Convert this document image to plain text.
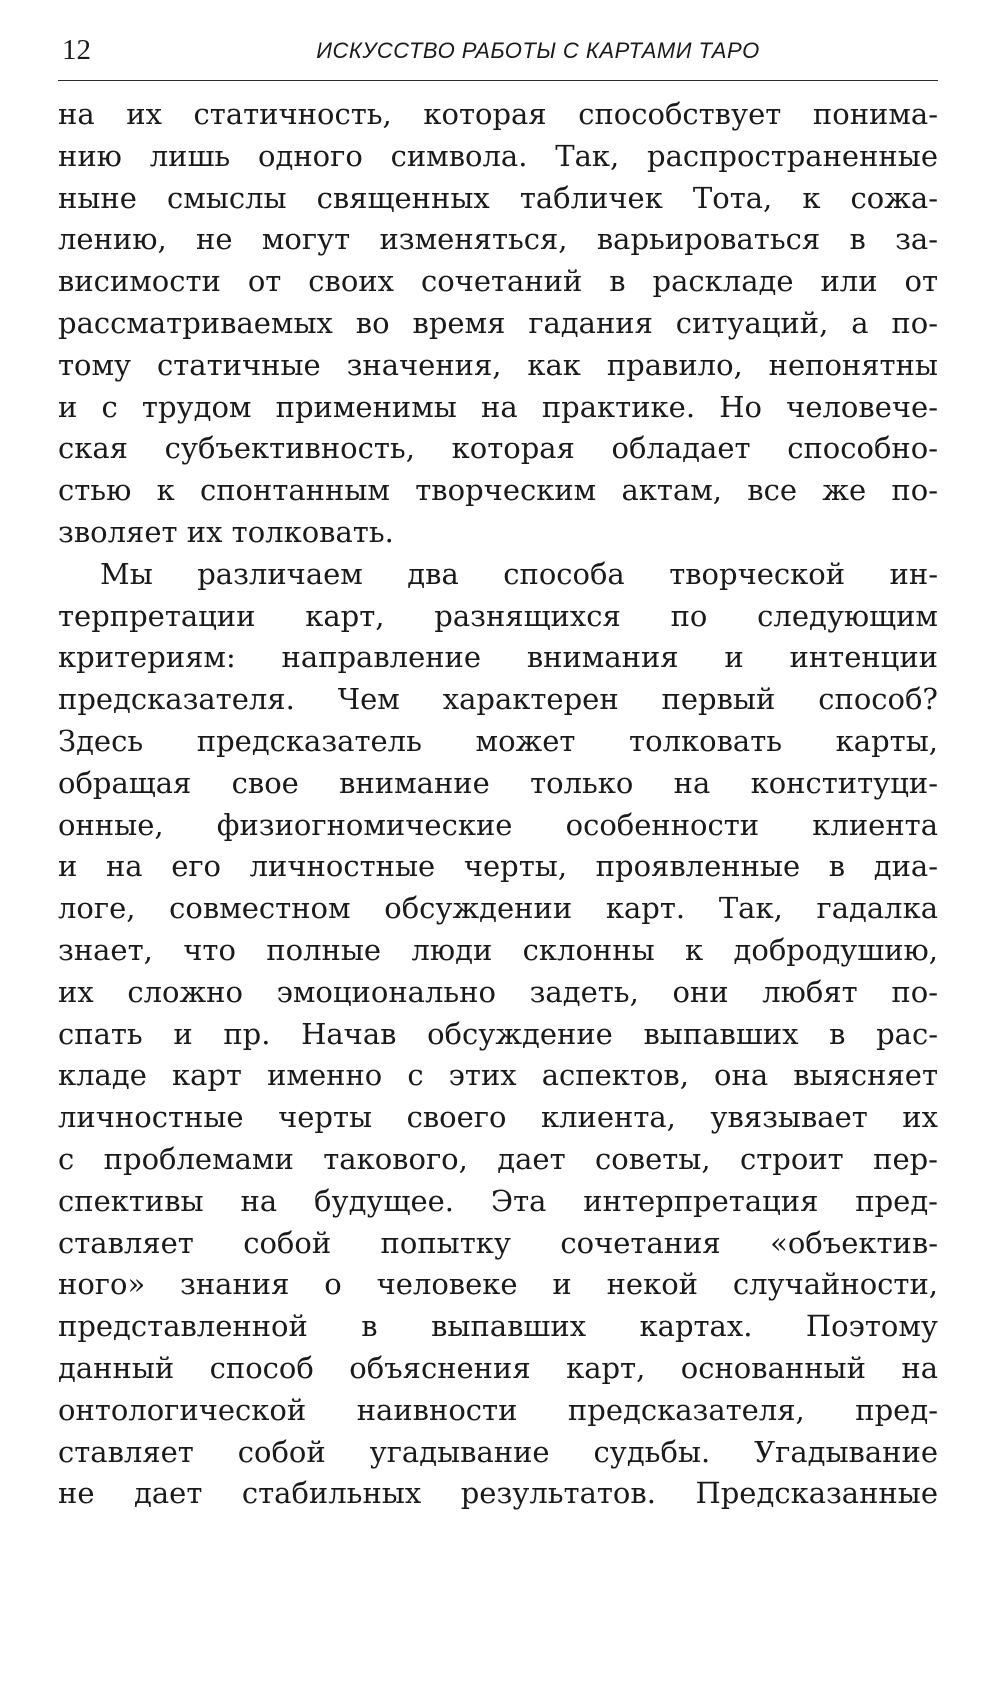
12	ИСКУССТВО РАБОТЫ С КАРТАМИ ТАРО
на их статичность, которая способствует понима-
нию лишь одного символа. Так, распространенные
ныне смыслы священных табличек Тота, к сожа-
лению, не могут изменяться, варьироваться в за-
висимости от своих сочетаний в раскладе или от
рассматриваемых во время гадания ситуаций, а по-
тому статичные значения, как правило, непонятны
и с трудом применимы на практике. Но человече-
ская субъективность, которая обладает способно-
стью к спонтанным творческим актам, все же по-
зволяет их толковать.
Мы различаем два способа творческой ин-
терпретации карт, разнящихся по следующим
критериям: направление внимания и интенции
предсказателя. Чем характерен первый способ?
Здесь предсказатель может толковать карты,
обращая свое внимание только на конституци-
онные, физиогномические особенности клиента
и на его личностные черты, проявленные в диа-
логе, совместном обсуждении карт. Так, гадалка
знает, что полные люди склонны к добродушию,
их сложно эмоционально задеть, они любят по-
спать и пр. Начав обсуждение выпавших в рас-
кладе карт именно с этих аспектов, она выясняет
личностные черты своего клиента, увязывает их
с проблемами такового, дает советы, строит пер-
спективы на будущее. Эта интерпретация пред-
ставляет собой попытку сочетания «объектив-
ного» знания о человеке и некой случайности,
представленной в выпавших картах. Поэтому
данный способ объяснения карт, основанный на
онтологической наивности предсказателя, пред-
ставляет собой угадывание судьбы. Угадывание
не дает стабильных результатов. Предсказанные
